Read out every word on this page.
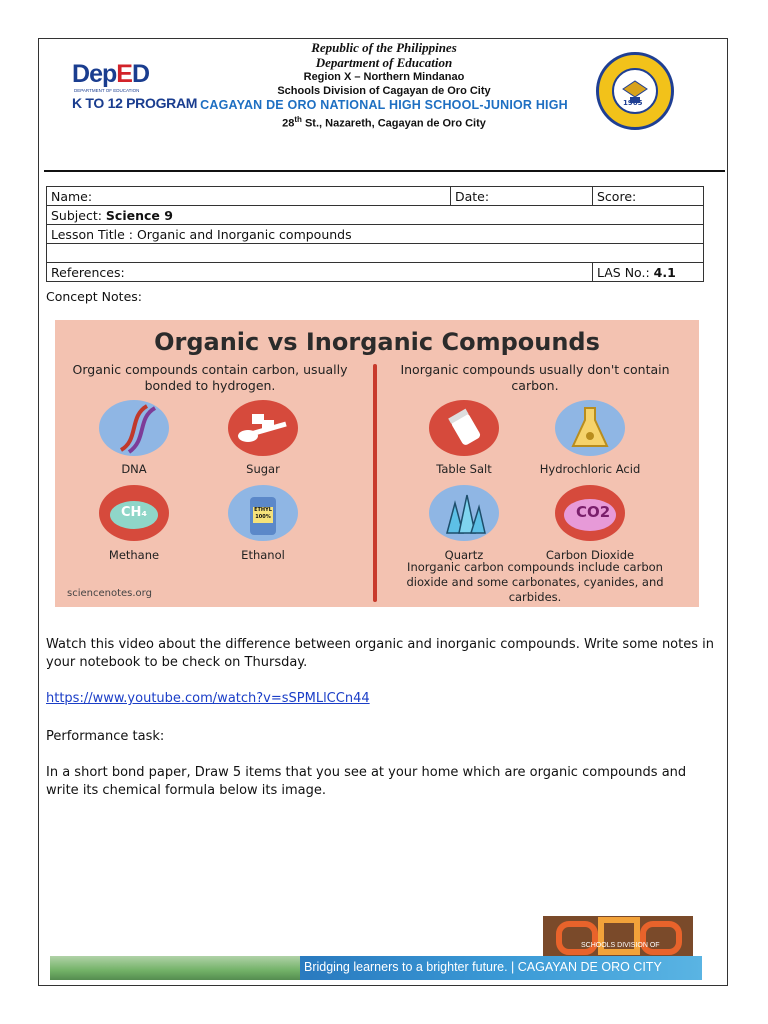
DepED
DEPARTMENT OF EDUCATION
K TO 12 PROGRAM
Republic of the Philippines
Department of Education
Region X – Northern Mindanao
Schools Division of Cagayan de Oro City
CAGAYAN DE ORO NATIONAL HIGH SCHOOL-JUNIOR HIGH
28th St., Nazareth, Cagayan de Oro City
1965
Name:	Date:	Score:
Subject: Science 9		
Lesson Title : Organic and Inorganic compounds		

References:		LAS No.: 4.1
Concept Notes:
Organic vs Inorganic Compounds
Organic compounds contain carbon, usually bonded to hydrogen.
Inorganic compounds usually don't contain carbon.
DNA	Sugar	Table Salt	Hydrochloric Acid
CH₄
Methane
ETHYL
100%
Ethanol	Quartz
CO2
Carbon Dioxide
Inorganic carbon compounds include carbon dioxide and some carbonates, cyanides, and carbides.
sciencenotes.org
Watch this video about the difference between organic and inorganic compounds. Write some notes in your notebook to be check on Thursday.
https://www.youtube.com/watch?v=sSPMLlCCn44
Performance task:
In a short bond paper, Draw 5 items that you see at your home which are organic compounds and write its chemical formula below its image.
Bridging learners to a brighter future. | CAGAYAN DE ORO CITY
SCHOOLS DIVISION OF
